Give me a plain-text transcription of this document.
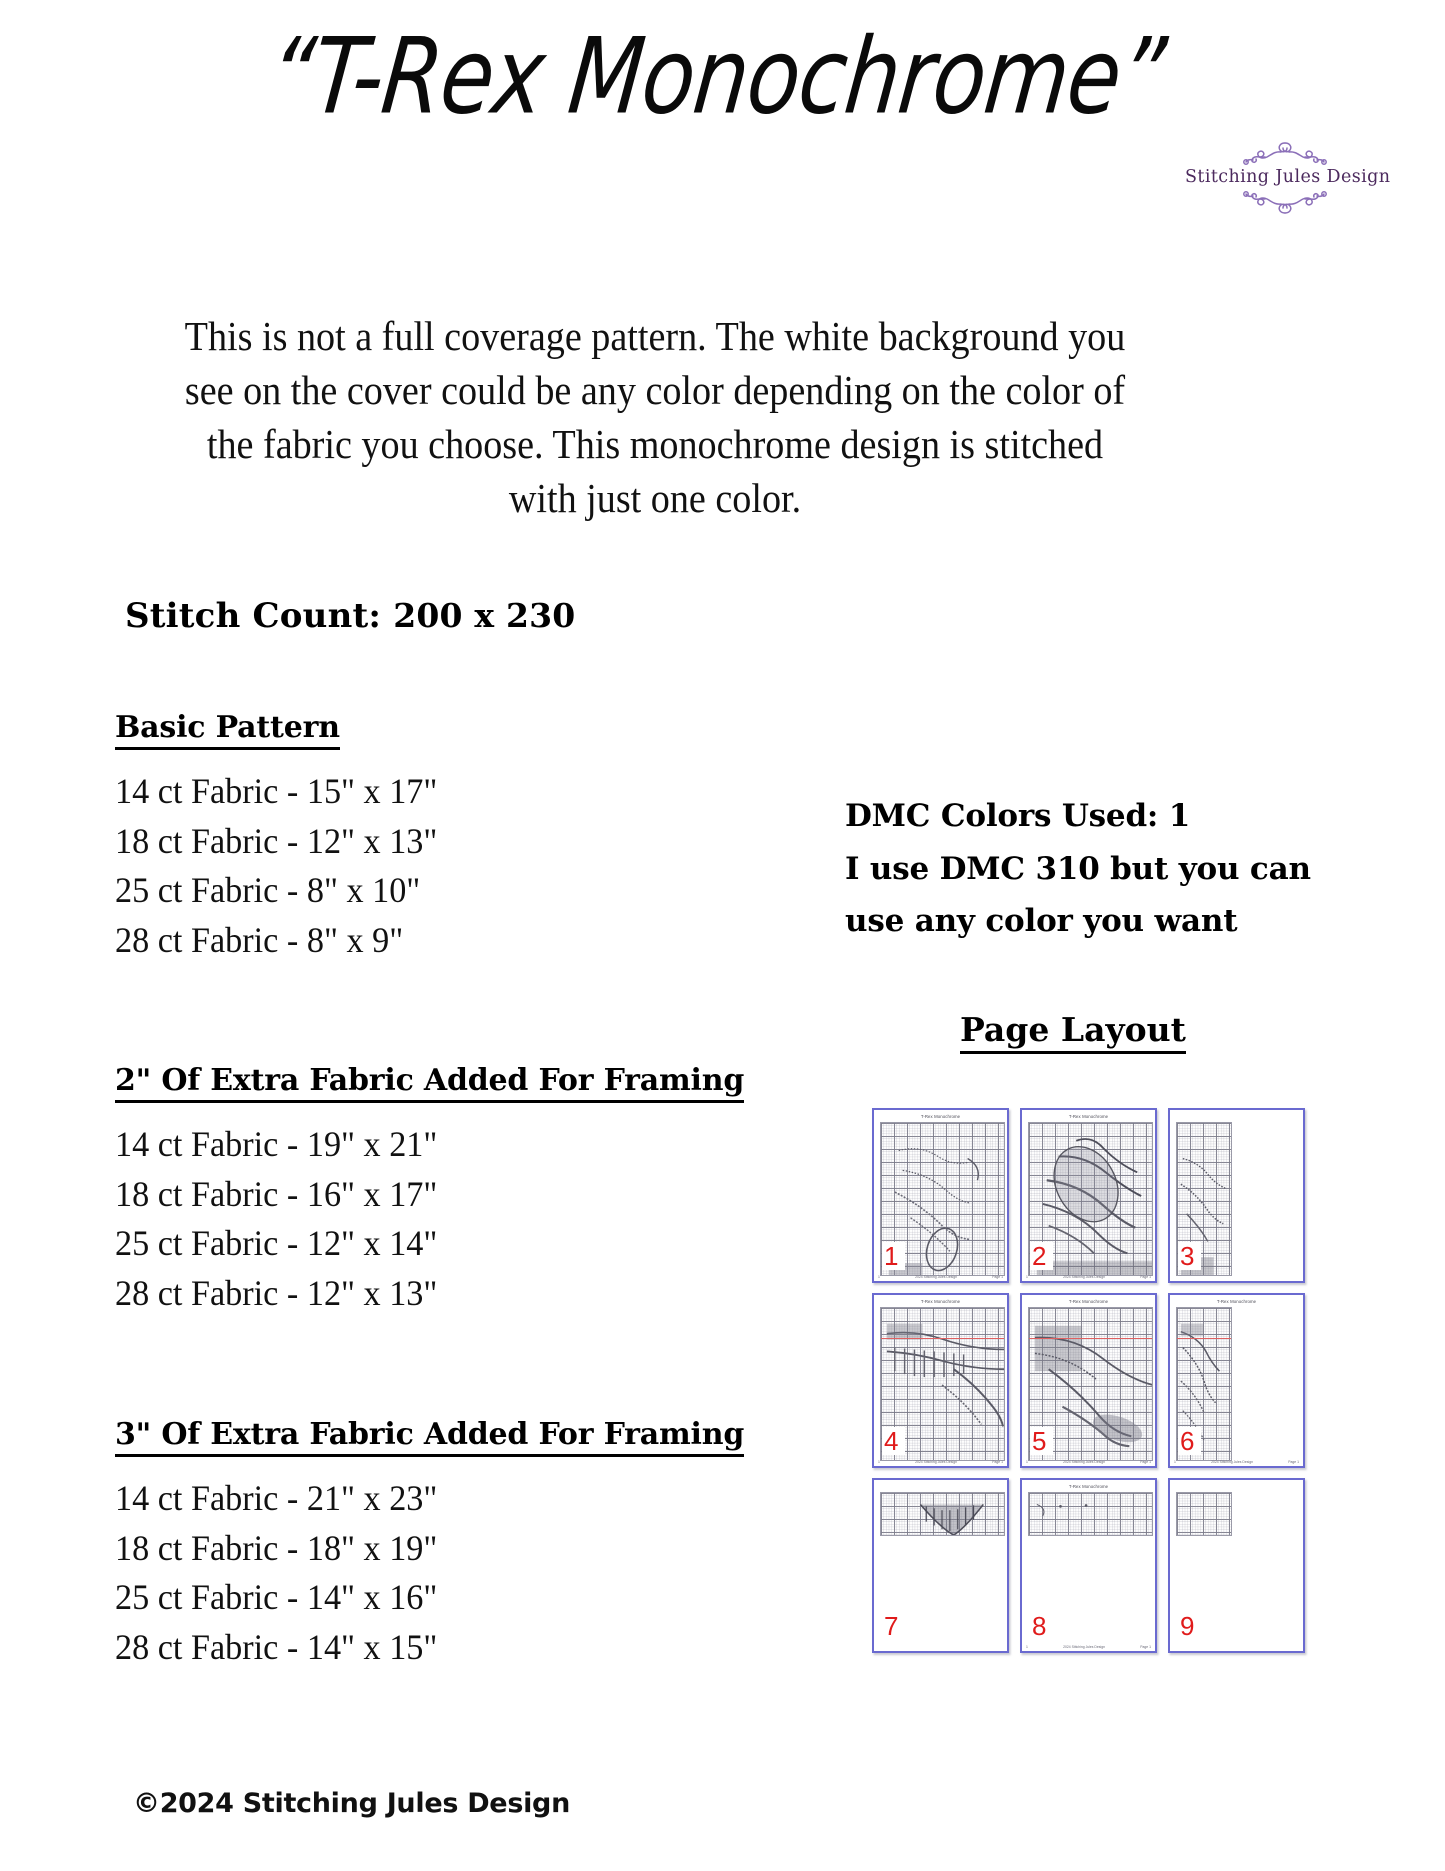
“T-Rex Monochrome”
Stitching Jules Design

This is not a full coverage pattern. The white background you see on the cover could be any color depending on the color of the fabric you choose. This monochrome design is stitched with just one color.

Stitch Count: 200 x 230
Basic Pattern
14 ct Fabric - 15" x 17"
18 ct Fabric - 12" x 13"
25 ct Fabric - 8" x 10"
28 ct Fabric - 8" x 9"
2" Of Extra Fabric Added For Framing
14 ct Fabric - 19" x 21"
18 ct Fabric - 16" x 17"
25 ct Fabric - 12" x 14"
28 ct Fabric - 12" x 13"
3" Of Extra Fabric Added For Framing
14 ct Fabric - 21" x 23"
18 ct Fabric - 18" x 19"
25 ct Fabric - 14" x 16"
28 ct Fabric - 14" x 15"
DMC Colors Used: 1
I use DMC 310 but you can
use any color you want
Page Layout
T-Rex Monochrome
1	2024 Stitching Jules Design	Page 1
1
T-Rex Monochrome
1	2024 Stitching Jules Design	Page 1
2	3
T-Rex Monochrome
1	2024 Stitching Jules Design	Page 1
4
T-Rex Monochrome
1	2024 Stitching Jules Design	Page 1
5
T-Rex Monochrome
1	2024 Stitching Jules Design	Page 1
6
7
T-Rex Monochrome
1	2024 Stitching Jules Design	Page 1
8	9
©2024 Stitching Jules Design
